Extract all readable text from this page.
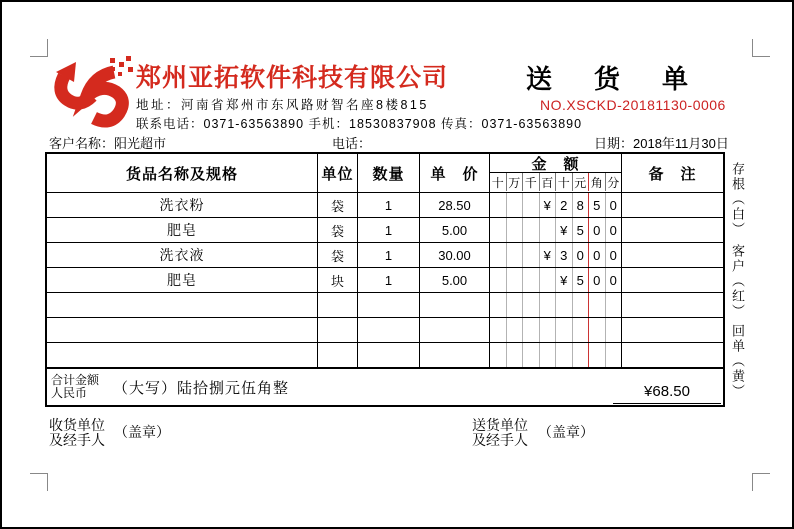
郑州亚拓软件科技有限公司	送　货　单
地址：河南省郑州市东风路财智名座8楼815	NO.XSCKD-20181130-0006
联系电话：0371-63563890 手机：18530837908 传真：0371-63563890
客户名称：阳光超市	电话：	日期：2018年11月30日
货品名称及规格	单位	数量	单　价
金　额
十 万 千 百 十 元 角 分	备　注
洗衣粉	袋	1	28.50	¥ 2 8 5 0
肥皂	袋	1	5.00	¥ 5 0 0
洗衣液	袋	1	30.00	¥ 3 0 0 0
肥皂	块	1	5.00	¥ 5 0 0
合计金额
人民币	（大写）陆拾捌元伍角整	¥68.50
收货单位
及经手人 （盖章）	送货单位
及经手人 （盖章）
存根（白）
客户（红）
回单（黄）
